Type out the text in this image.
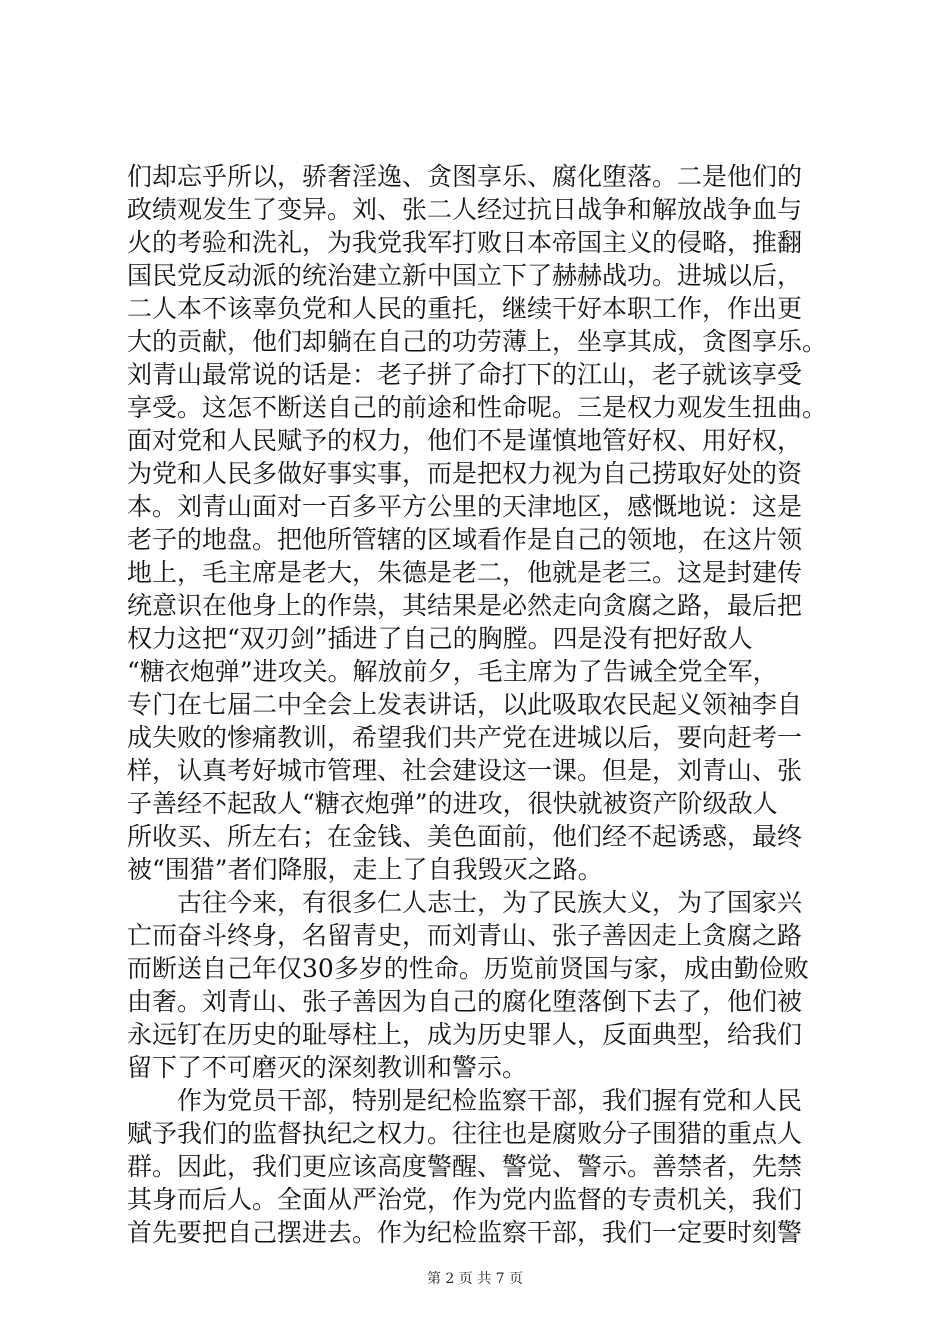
们却忘乎所以，骄奢淫逸、贪图享乐、腐化堕落。二是他们的
政绩观发生了变异。刘、张二人经过抗日战争和解放战争血与
火的考验和洗礼，为我党我军打败日本帝国主义的侵略，推翻
国民党反动派的统治建立新中国立下了赫赫战功。进城以后，
二人本不该辜负党和人民的重托，继续干好本职工作，作出更
大的贡献，他们却躺在自己的功劳薄上，坐享其成，贪图享乐。
刘青山最常说的话是：老子拼了命打下的江山，老子就该享受
享受。这怎不断送自己的前途和性命呢。三是权力观发生扭曲。
面对党和人民赋予的权力，他们不是谨慎地管好权、用好权，
为党和人民多做好事实事，而是把权力视为自己捞取好处的资
本。刘青山面对一百多平方公里的天津地区，感慨地说：这是
老子的地盘。把他所管辖的区域看作是自己的领地，在这片领
地上，毛主席是老大，朱德是老二，他就是老三。这是封建传
统意识在他身上的作祟，其结果是必然走向贪腐之路，最后把
权力这把“双刃剑”插进了自己的胸膛。四是没有把好敌人
“糖衣炮弹”进攻关。解放前夕，毛主席为了告诫全党全军，
专门在七届二中全会上发表讲话，以此吸取农民起义领袖李自
成失败的惨痛教训，希望我们共产党在进城以后，要向赶考一
样，认真考好城市管理、社会建设这一课。但是，刘青山、张
子善经不起敌人“糖衣炮弹”的进攻，很快就被资产阶级敌人
所收买、所左右；在金钱、美色面前，他们经不起诱惑，最终
被“围猎”者们降服，走上了自我毁灭之路。
　　古往今来，有很多仁人志士，为了民族大义，为了国家兴
亡而奋斗终身，名留青史，而刘青山、张子善因走上贪腐之路
而断送自己年仅30多岁的性命。历览前贤国与家，成由勤俭败
由奢。刘青山、张子善因为自己的腐化堕落倒下去了，他们被
永远钉在历史的耻辱柱上，成为历史罪人，反面典型，给我们
留下了不可磨灭的深刻教训和警示。
　　作为党员干部，特别是纪检监察干部，我们握有党和人民
赋予我们的监督执纪之权力。往往也是腐败分子围猎的重点人
群。因此，我们更应该高度警醒、警觉、警示。善禁者，先禁
其身而后人。全面从严治党，作为党内监督的专责机关，我们
首先要把自己摆进去。作为纪检监察干部，我们一定要时刻警
第 2 页 共 7 页
